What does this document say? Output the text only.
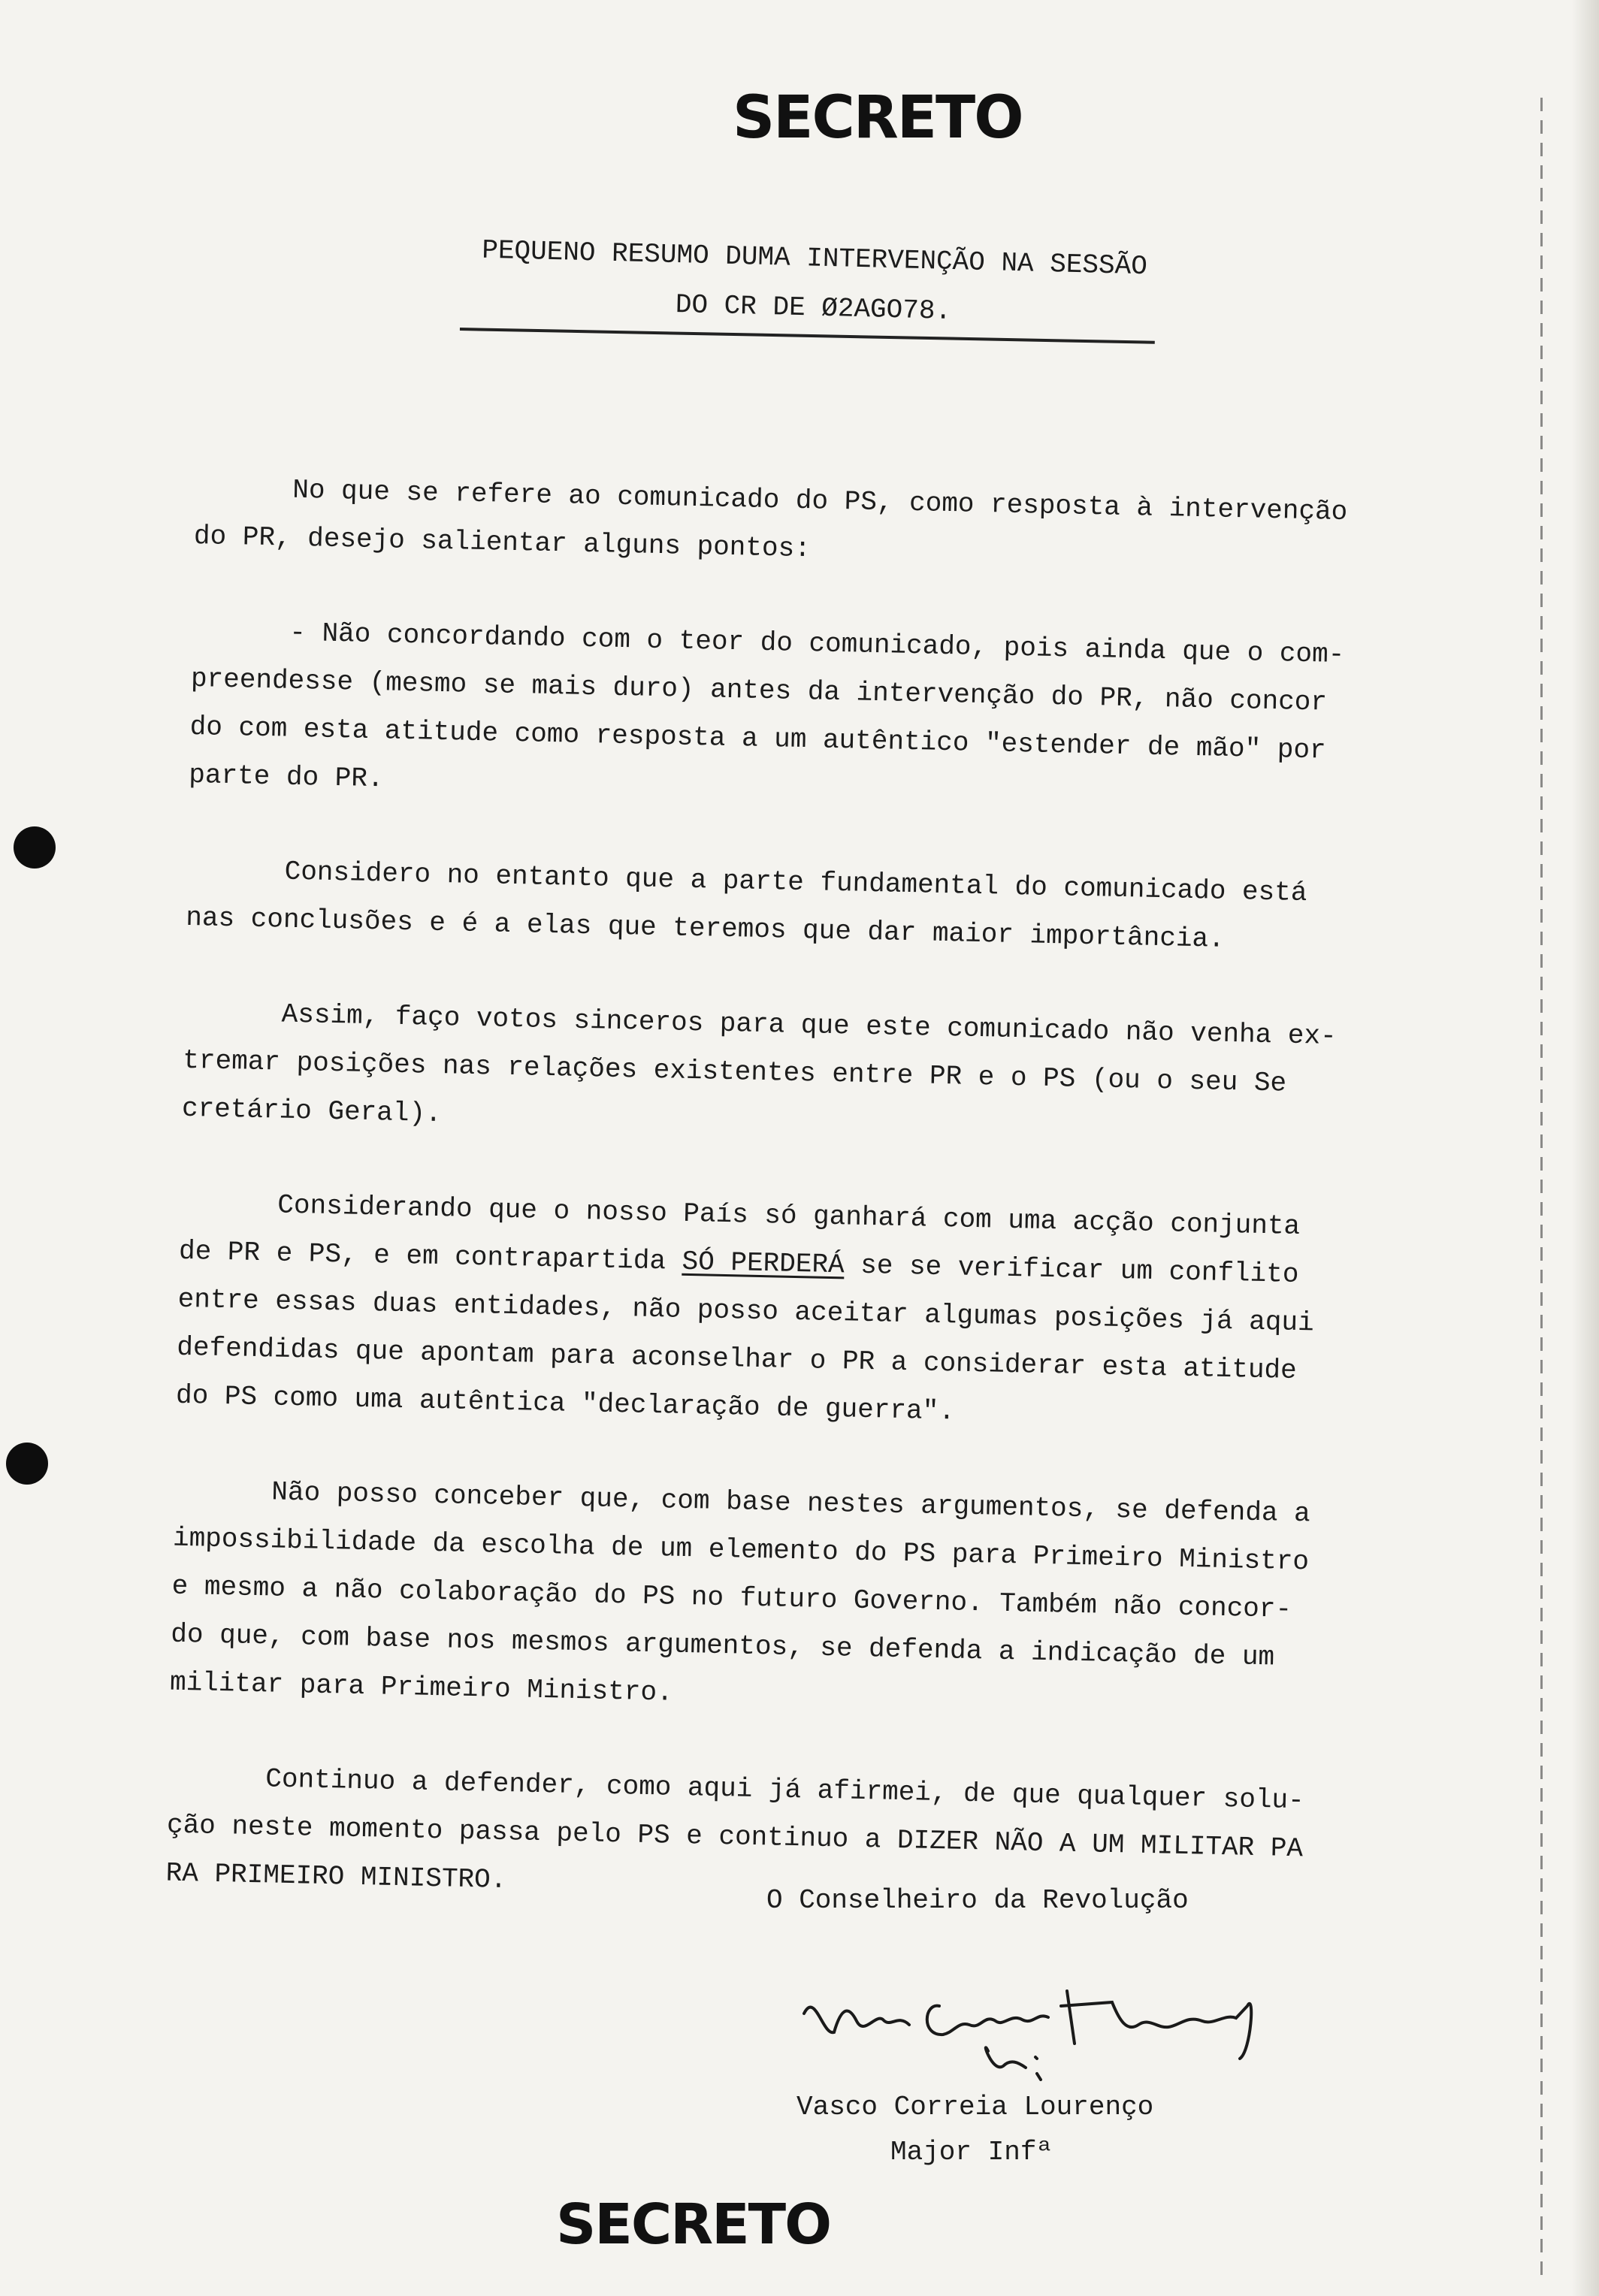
SECRETO
PEQUENO RESUMO DUMA INTERVENÇÃO NA SESSÃO
DO CR DE Ø2AGO78.

No que se refere ao comunicado do PS, como resposta à intervenção
do PR, desejo salientar alguns pontos:

- Não concordando com o teor do comunicado, pois ainda que o com-
preendesse (mesmo se mais duro) antes da intervenção do PR, não concor
do com esta atitude como resposta a um autêntico "estender de mão" por
parte do PR.

Considero no entanto que a parte fundamental do comunicado está
nas conclusões e é a elas que teremos que dar maior importância.

Assim, faço votos sinceros para que este comunicado não venha ex-
tremar posições nas relações existentes entre PR e o PS (ou o seu Se
cretário Geral).

Considerando que o nosso País só ganhará com uma acção conjunta
de PR e PS, e em contrapartida SÓ PERDERÁ se se verificar um conflito
entre essas duas entidades, não posso aceitar algumas posições já aqui
defendidas que apontam para aconselhar o PR a considerar esta atitude
do PS como uma autêntica "declaração de guerra".

Não posso conceber que, com base nestes argumentos, se defenda a
impossibilidade da escolha de um elemento do PS para Primeiro Ministro
e mesmo a não colaboração do PS no futuro Governo. Também não concor-
do que, com base nos mesmos argumentos, se defenda a indicação de um
militar para Primeiro Ministro.

Continuo a defender, como aqui já afirmei, de que qualquer solu-
ção neste momento passa pelo PS e continuo a DIZER NÃO A UM MILITAR PA
RA PRIMEIRO MINISTRO.

O Conselheiro da Revolução
Vasco Correia Lourenço
Major Infª
SECRETO
